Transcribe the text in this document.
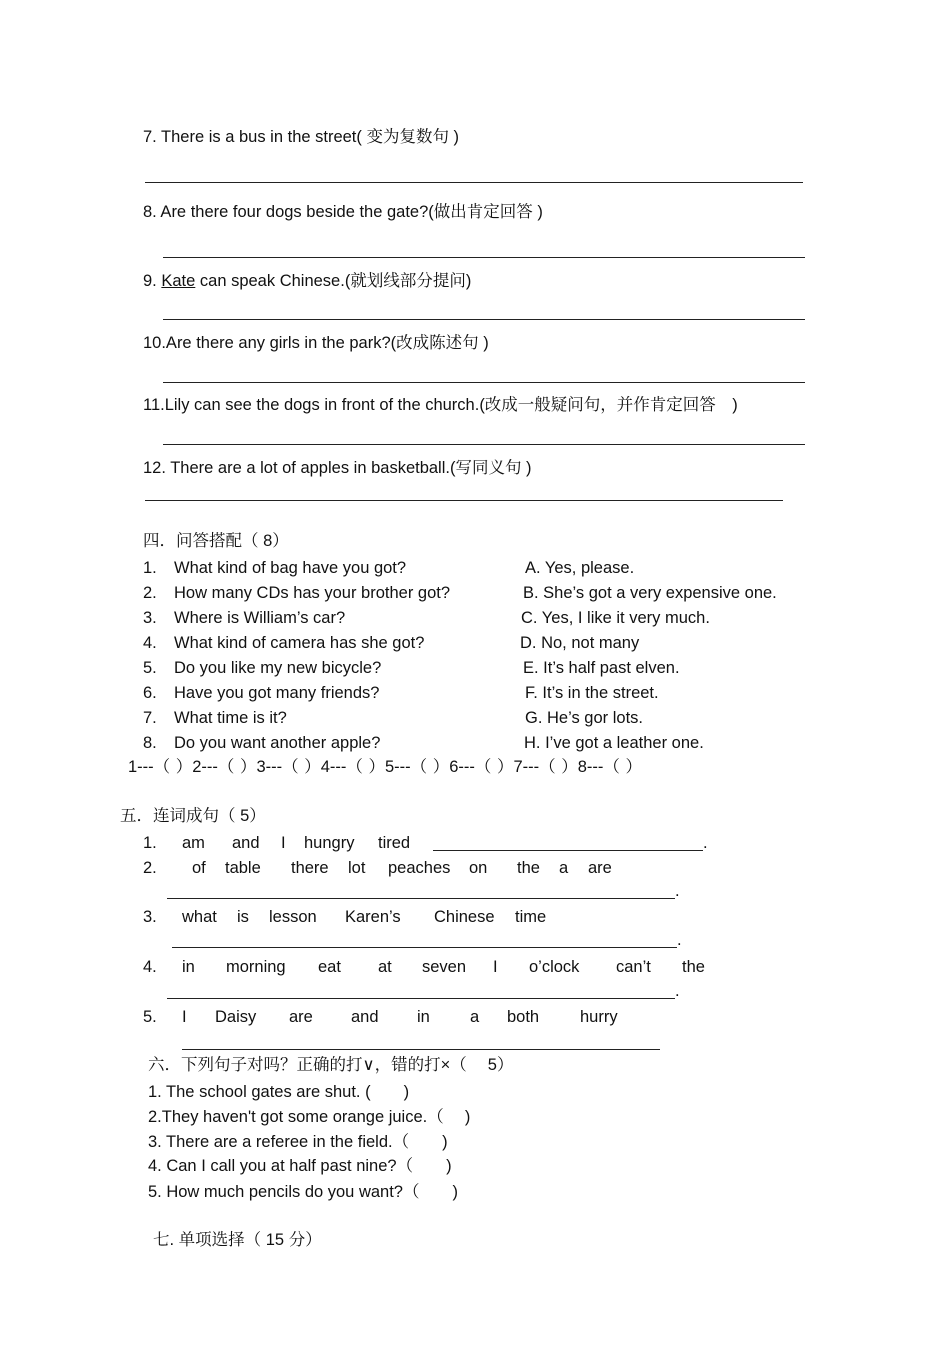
7. There is a bus in the street( 变为复数句 )
8. Are there four dogs beside the gate?(做出肯定回答 )
9. Kate can speak Chinese.(就划线部分提问)
10.Are there any girls in the park?(改成陈述句 )
11.Lily can see the dogs in front of the church.(改成一般疑问句，并作肯定回答　)
12. There are a lot of apples in basketball.(写同义句 )
四．问答搭配（ 8）
1. What kind of bag have you got?	A. Yes, please.
2. How many CDs has your brother got?	B. She’s got a very expensive one.
3. Where is William’s car?	C. Yes, I like it very much.
4. What kind of camera has she got?	D. No, not many
5. Do you like my new bicycle?	E. It’s half past elven.
6. Have you got many friends?	F. It’s in the street.
7. What time is it?	G. He’s gor lots.
8. Do you want another apple?	H. I’ve got a leather one.
1---（ ）2---（ ）3---（ ）4---（ ）5---（ ）6---（ ）7---（ ）8---（ ）
五．连词成句（ 5）
1. am and I hungry tired	.
2. of table there lot peaches on the a are
.
3. what is lesson Karen’s Chinese time
.
4. in morning eat at seven I o’clock can’t the
.
5. I Daisy are and in a both hurry
六．下列句子对吗？正确的打∨，错的打×（　 5）
1. The school gates are shut. (　　)
2.They haven't got some orange juice.（　 )
3. There are a referee in the field.（　　)
4. Can I call you at half past nine?（　　)
5. How much pencils do you want?（　　)
七. 单项选择（ 15 分）
